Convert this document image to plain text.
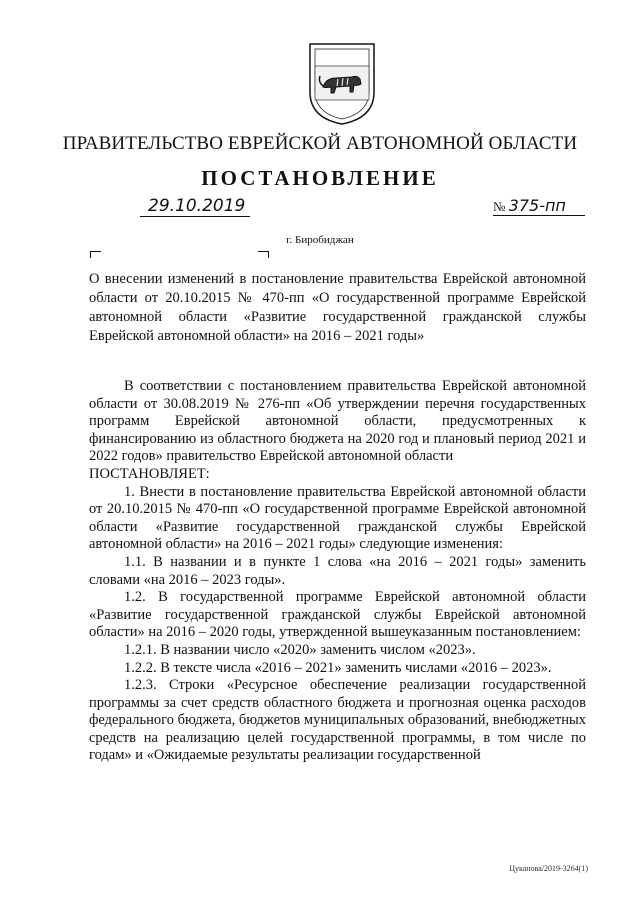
ПРАВИТЕЛЬСТВО ЕВРЕЙСКОЙ АВТОНОМНОЙ ОБЛАСТИ
ПОСТАНОВЛЕНИЕ
29.10.2019	№ 375-пп
г. Биробиджан
О внесении изменений в постановление правительства Еврейской автономной области от 20.10.2015 № 470-пп «О государственной программе Еврейской автономной области «Развитие государственной гражданской службы Еврейской автономной области» на 2016 – 2021 годы»

В соответствии с постановлением правительства Еврейской автономной области от 30.08.2019 № 276-пп «Об утверждении перечня государственных программ Еврейской автономной области, предусмотренных к финансированию из областного бюджета на 2020 год и плановый период 2021 и 2022 годов» правительство Еврейской автономной области

ПОСТАНОВЛЯЕТ:

1. Внести в постановление правительства Еврейской автономной области от 20.10.2015 № 470-пп «О государственной программе Еврейской автономной области «Развитие государственной гражданской службы Еврейской автономной области» на 2016 – 2021 годы» следующие изменения:

1.1. В названии и в пункте 1 слова «на 2016 – 2021 годы» заменить словами «на 2016 – 2023 годы».

1.2. В государственной программе Еврейской автономной области «Развитие государственной гражданской службы Еврейской автономной области» на 2016 – 2020 годы, утвержденной вышеуказанным постановлением:

1.2.1. В названии число «2020» заменить числом «2023».

1.2.2. В тексте числа «2016 – 2021» заменить числами «2016 – 2023».

1.2.3. Строки «Ресурсное обеспечение реализации государственной программы за счет средств областного бюджета и прогнозная оценка расходов федерального бюджета, бюджетов муниципальных образований, внебюджетных средств на реализацию целей государственной программы, в том числе по годам» и «Ожидаемые результаты реализации государственной

Цуканова/2019-3264(1)
